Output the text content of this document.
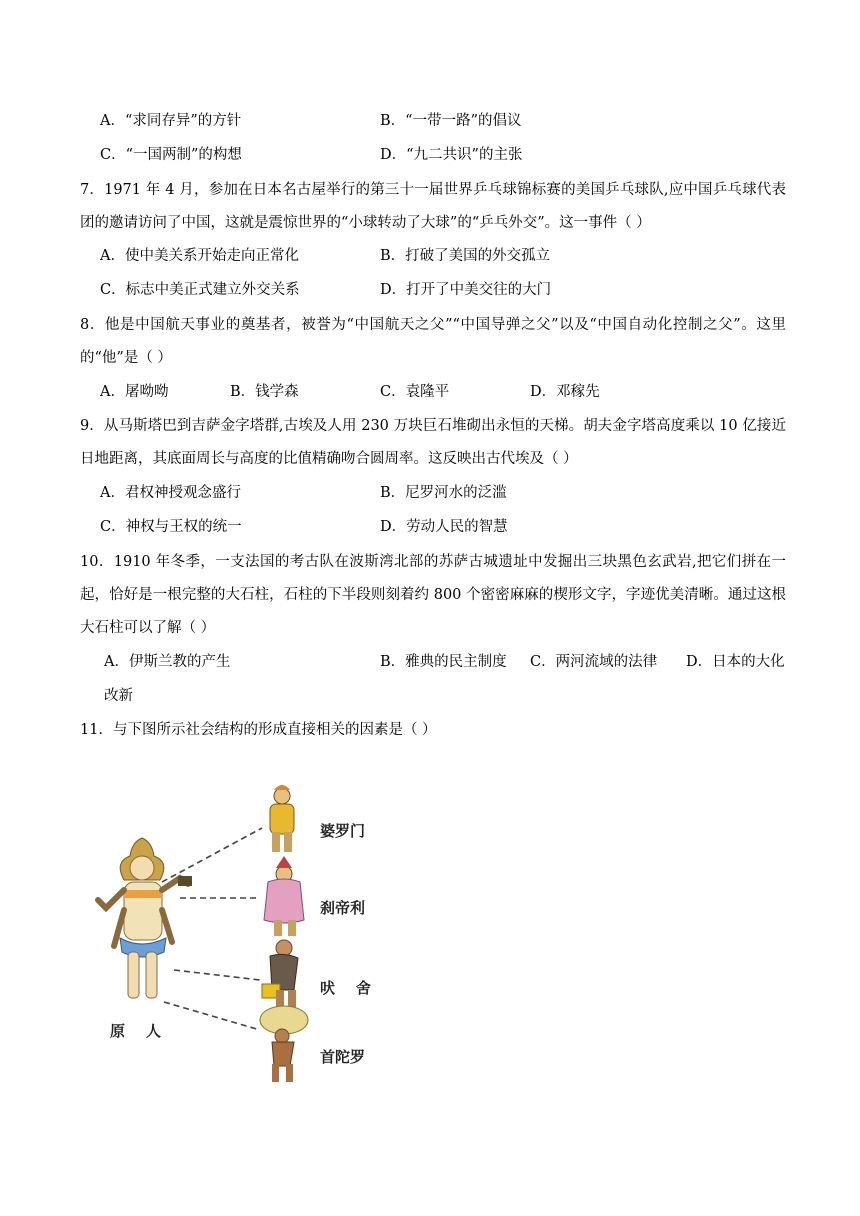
A．“求同存异”的方针	B．“一带一路”的倡议
C．“一国两制”的构想	D．“九二共识”的主张
7．1971 年 4 月，参加在日本名古屋举行的第三十一届世界乒乓球锦标赛的美国乒乓球队,应中国乒乓球代表团的邀请访问了中国，这就是震惊世界的“小球转动了大球”的“乒乓外交”。这一事件（ ）
A．使中美关系开始走向正常化	B．打破了美国的外交孤立
C．标志中美正式建立外交关系	D．打开了中美交往的大门
8．他是中国航天事业的奠基者，被誉为“中国航天之父”“中国导弹之父”以及“中国自动化控制之父”。这里的“他”是（ ）
A．屠呦呦	B．钱学森	C．袁隆平	D．邓稼先
9．从马斯塔巴到吉萨金字塔群,古埃及人用 230 万块巨石堆砌出永恒的天梯。胡夫金字塔高度乘以 10 亿接近日地距离，其底面周长与高度的比值精确吻合圆周率。这反映出古代埃及（ ）
A．君权神授观念盛行	B．尼罗河水的泛滥
C．神权与王权的统一	D．劳动人民的智慧
10．1910 年冬季，一支法国的考古队在波斯湾北部的苏萨古城遗址中发掘出三块黑色玄武岩,把它们拼在一起，恰好是一根完整的大石柱，石柱的下半段则刻着约 800 个密密麻麻的楔形文字，字迹优美清晰。通过这根大石柱可以了解（ ）
A．伊斯兰教的产生	B．雅典的民主制度 C．两河流域的法律 D．日本的大化
改新
11．与下图所示社会结构的形成直接相关的因素是（ ）
婆罗门
刹帝利
吠    舍
首陀罗
原    人
